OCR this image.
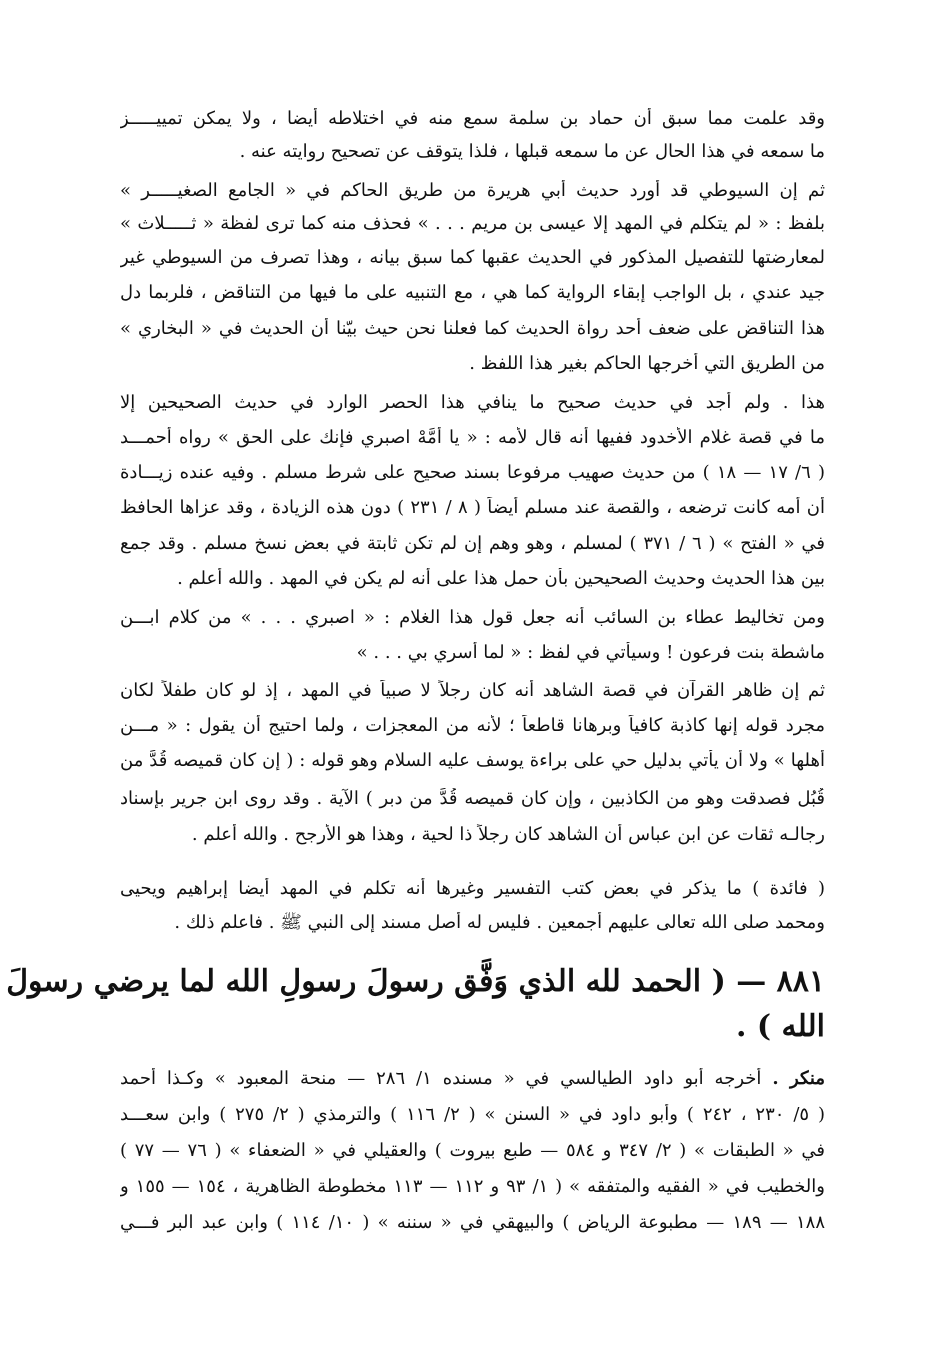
وقد علمت مما سبق أن حماد بن سلمة سمع منه في اختلاطه أيضا ، ولا يمكن تمييـــــز
ما سمعه في هذا الحال عن ما سمعه قبلها ، فلذا يتوقف عن تصحيح روايته عنه .
ثم إن السيوطي قد أورد حديث أبي هريرة من طريق الحاكم في « الجامع الصغيـــــر »
بلفظ : « لم يتكلم في المهد إلا عيسى بن مريم . . . » فحذف منه كما ترى لفظة « ثـــــلاث »
لمعارضتها للتفصيل المذكور في الحديث عقبها كما سبق بيانه ، وهذا تصرف من السيوطي غير
جيد عندي ، بل الواجب إبقاء الرواية كما هي ، مع التنبيه على ما فيها من التناقض ، فلربما دل
هذا التناقض على ضعف أحد رواة الحديث كما فعلنا نحن حيث بيّنا أن الحديث في « البخاري »
من الطريق التي أخرجها الحاكم بغير هذا اللفظ .
هذا . ولم أجد في حديث صحيح ما ينافي هذا الحصر الوارد في حديث الصحيحين إلا
ما في قصة غلام الأخدود ففيها أنه قال لأمه : « يا أمَّهْ اصبري فإنك على الحق » رواه أحمـــد
( ٦/ ١٧ — ١٨ ) من حديث صهيب مرفوعا بسند صحيح على شرط مسلم . وفيه عنده زيـــادة
أن أمه كانت ترضعه ، والقصة عند مسلم أيضاً ( ٨ / ٢٣١ ) دون هذه الزيادة ، وقد عزاها الحافظ
في « الفتح » ( ٦ / ٣٧١ ) لمسلم ، وهو وهم إن لم تكن ثابتة في بعض نسخ مسلم . وقد جمع
بين هذا الحديث وحديث الصحيحين بأن حمل هذا على أنه لم يكن في المهد . والله أعلم .
ومن تخاليط عطاء بن السائب أنه جعل قول هذا الغلام : « اصبري . . . » من كلام ابـــن
ماشطة بنت فرعون ! وسيأتي في لفظ : « لما أسري بي . . . »
ثم إن ظاهر القرآن في قصة الشاهد أنه كان رجلاً لا صبياً في المهد ، إذ لو كان طفلاً لكان
مجرد قوله إنها كاذبة كافياً وبرهانا قاطعاً ؛ لأنه من المعجزات ، ولما احتيج أن يقول : « مـــن
أهلها » ولا أن يأتي بدليل حي على براءة يوسف عليه السلام وهو قوله : ( إن كان قميصه قُدَّ من
قُبُل فصدقت وهو من الكاذبين ، وإن كان قميصه قُدَّ من دبر ) الآية . وقد روى ابن جرير بإسناد
رجالـه ثقات عن ابن عباس أن الشاهد كان رجلاً ذا لحية ، وهذا هو الأرجح . والله أعلم .
( فائدة ) ما يذكر في بعض كتب التفسير وغيرها أنه تكلم في المهد أيضا إبراهيم ويحيى
ومحمد صلى الله تعالى عليهم أجمعين . فليس له أصل مسند إلى النبي ﷺ . فاعلم ذلك .
٨٨١ — ( الحمد لله الذي وَفَّق رسولَ رسولِ الله لما يرضي رسولَ
الله ) .
منكر . أخرجه أبو داود الطيالسي في « مسنده ١/ ٢٨٦ — منحة المعبود » وكـذا أحمد
( ٥/ ٢٣٠ ، ٢٤٢ ) وأبو داود في « السنن » ( ٢/ ١١٦ ) والترمذي ( ٢/ ٢٧٥ ) وابن سعـــد
في « الطبقات » ( ٢/ ٣٤٧ و ٥٨٤ — طبع بيروت ) والعقيلي في « الضعفاء » ( ٧٦ — ٧٧ )
والخطيب في « الفقيه والمتفقه » ( ١/ ٩٣ و ١١٢ — ١١٣ مخطوطة الظاهرية ، ١٥٤ — ١٥٥ و
١٨٨ — ١٨٩ — مطبوعة الرياض ) والبيهقي في « سننه » ( ١٠/ ١١٤ ) وابن عبد البر فـــي
